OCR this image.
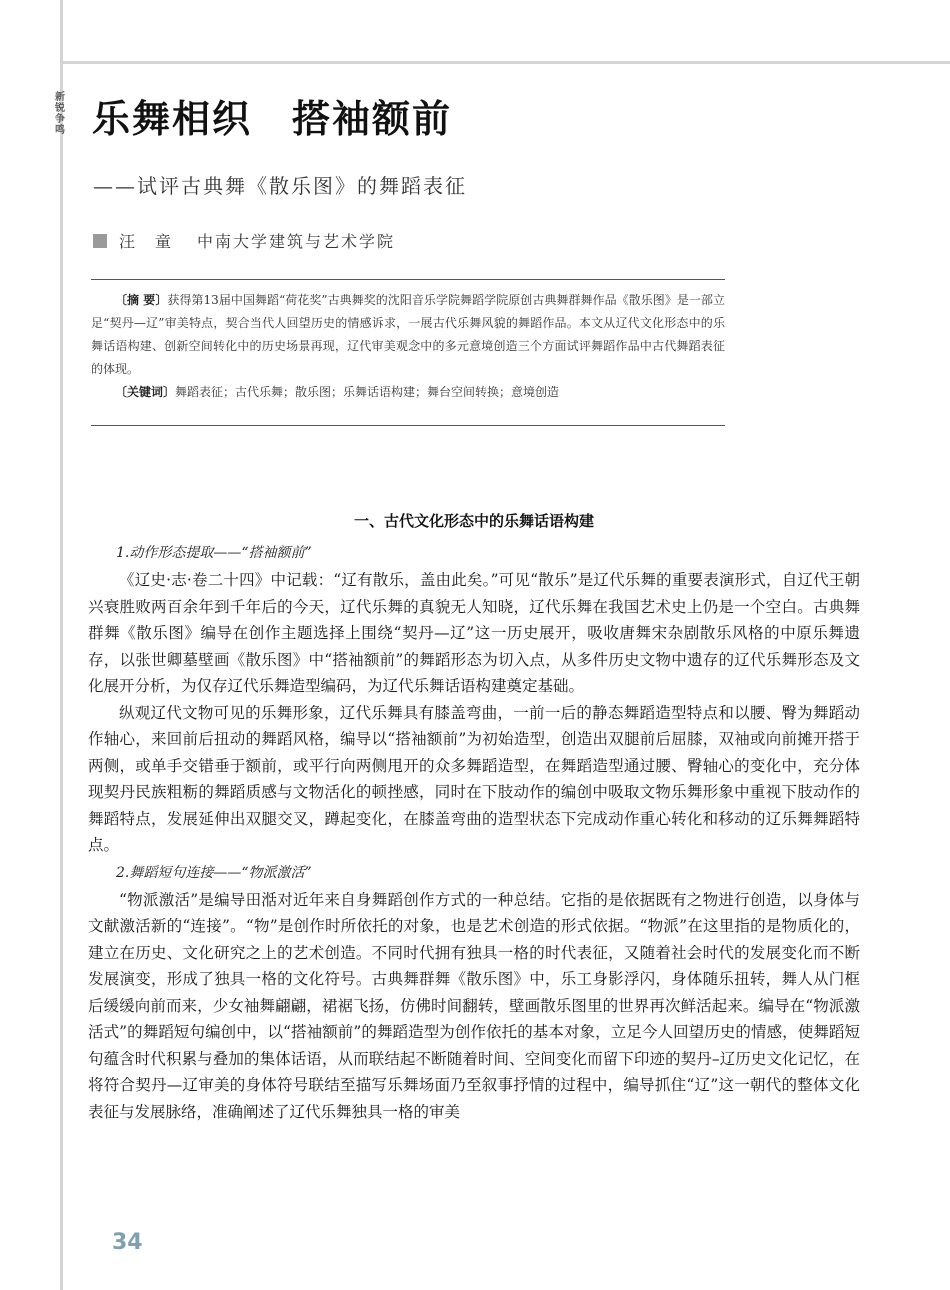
新锐争鸣 乐舞相织　搭袖额前
——试评古典舞《散乐图》的舞蹈表征
汪　童 中南大学建筑与艺术学院

〔摘 要〕获得第13届中国舞蹈“荷花奖”古典舞奖的沈阳音乐学院舞蹈学院原创古典舞群舞作品《散乐图》是一部立足“契丹—辽”审美特点，契合当代人回望历史的情感诉求，一展古代乐舞风貌的舞蹈作品。本文从辽代文化形态中的乐舞话语构建、创新空间转化中的历史场景再现，辽代审美观念中的多元意境创造三个方面试评舞蹈作品中古代舞蹈表征的体现。

〔关键词〕舞蹈表征；古代乐舞；散乐图；乐舞话语构建；舞台空间转换；意境创造

一、古代文化形态中的乐舞话语构建

1.动作形态提取——“搭袖额前”

《辽史·志·卷二十四》中记载：“辽有散乐，盖由此矣。”可见“散乐”是辽代乐舞的重要表演形式，自辽代王朝兴衰胜败两百余年到千年后的今天，辽代乐舞的真貌无人知晓，辽代乐舞在我国艺术史上仍是一个空白。古典舞群舞《散乐图》编导在创作主题选择上围绕“契丹—辽”这一历史展开，吸收唐舞宋杂剧散乐风格的中原乐舞遗存，以张世卿墓壁画《散乐图》中“搭袖额前”的舞蹈形态为切入点，从多件历史文物中遗存的辽代乐舞形态及文化展开分析，为仅存辽代乐舞造型编码，为辽代乐舞话语构建奠定基础。

纵观辽代文物可见的乐舞形象，辽代乐舞具有膝盖弯曲，一前一后的静态舞蹈造型特点和以腰、臀为舞蹈动作轴心，来回前后扭动的舞蹈风格，编导以“搭袖额前”为初始造型，创造出双腿前后屈膝，双袖或向前摊开搭于两侧，或单手交错垂于额前，或平行向两侧甩开的众多舞蹈造型，在舞蹈造型通过腰、臀轴心的变化中，充分体现契丹民族粗粝的舞蹈质感与文物活化的顿挫感，同时在下肢动作的编创中吸取文物乐舞形象中重视下肢动作的舞蹈特点，发展延伸出双腿交叉，蹲起变化，在膝盖弯曲的造型状态下完成动作重心转化和移动的辽乐舞舞蹈特点。

2.舞蹈短句连接——“物派激活”

“物派激活”是编导田湉对近年来自身舞蹈创作方式的一种总结。它指的是依据既有之物进行创造，以身体与文献激活新的“连接”。“物”是创作时所依托的对象，也是艺术创造的形式依据。“物派”在这里指的是物质化的，建立在历史、文化研究之上的艺术创造。不同时代拥有独具一格的时代表征，又随着社会时代的发展变化而不断发展演变，形成了独具一格的文化符号。古典舞群舞《散乐图》中，乐工身影浮闪，身体随乐扭转，舞人从门框后缓缓向前而来，少女袖舞翩翩，裙裾飞扬，仿佛时间翻转，壁画散乐图里的世界再次鲜活起来。编导在“物派激活式”的舞蹈短句编创中，以“搭袖额前”的舞蹈造型为创作依托的基本对象，立足今人回望历史的情感，使舞蹈短句蕴含时代积累与叠加的集体话语，从而联结起不断随着时间、空间变化而留下印迹的契丹–辽历史文化记忆，在将符合契丹—辽审美的身体符号联结至描写乐舞场面乃至叙事抒情的过程中，编导抓住“辽”这一朝代的整体文化表征与发展脉络，准确阐述了辽代乐舞独具一格的审美

34
